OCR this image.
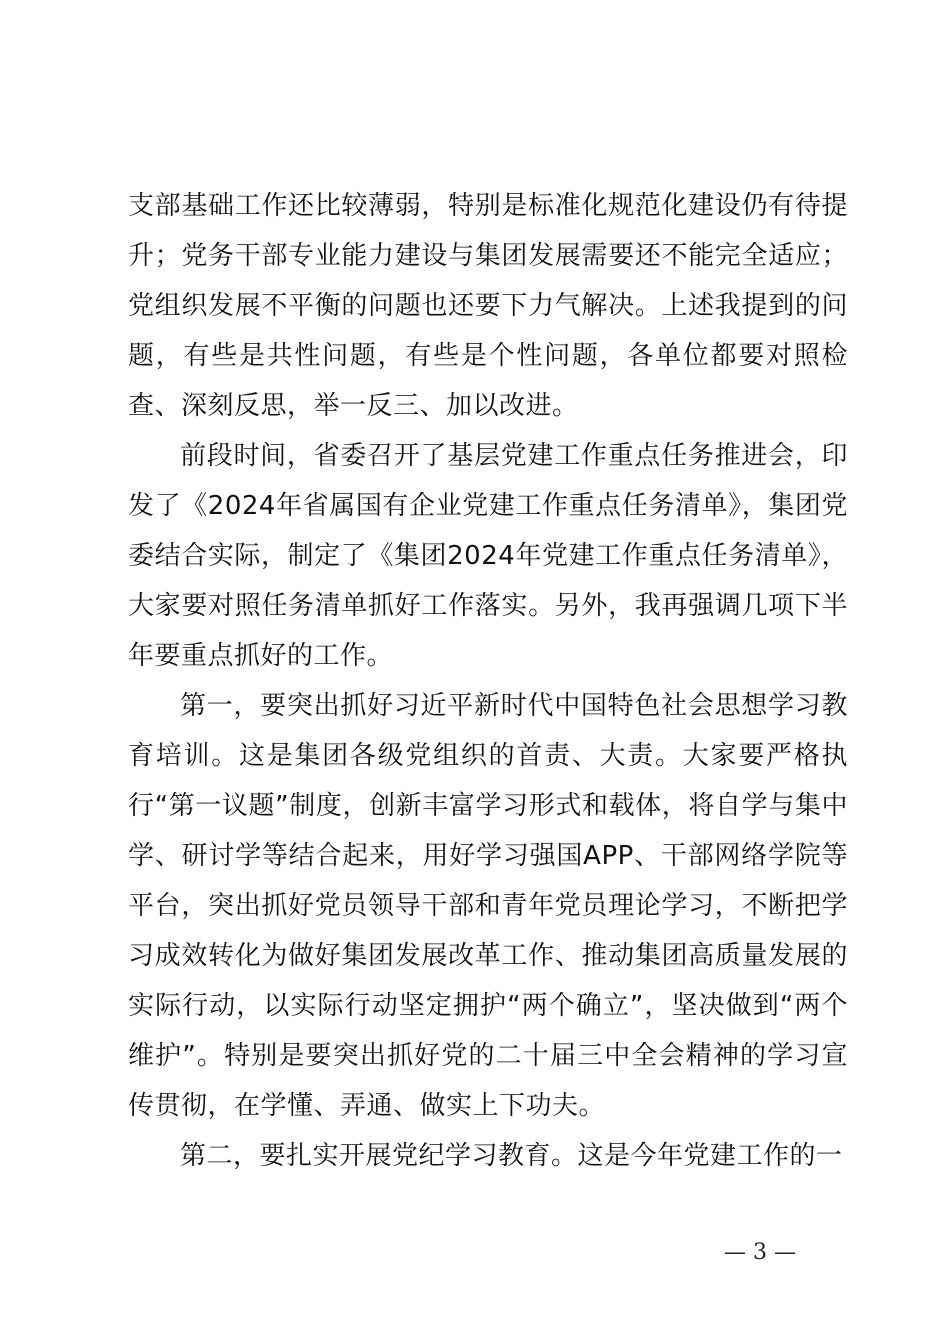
支部基础工作还比较薄弱，特别是标准化规范化建设仍有待提升；党务干部专业能力建设与集团发展需要还不能完全适应；党组织发展不平衡的问题也还要下力气解决。上述我提到的问题，有些是共性问题，有些是个性问题，各单位都要对照检查、深刻反思，举一反三、加以改进。

前段时间，省委召开了基层党建工作重点任务推进会，印发了《2024年省属国有企业党建工作重点任务清单》，集团党委结合实际，制定了《集团2024年党建工作重点任务清单》，大家要对照任务清单抓好工作落实。另外，我再强调几项下半年要重点抓好的工作。

第一，要突出抓好习近平新时代中国特色社会思想学习教育培训。这是集团各级党组织的首责、大责。大家要严格执行“第一议题”制度，创新丰富学习形式和载体，将自学与集中学、研讨学等结合起来，用好学习强国APP、干部网络学院等平台，突出抓好党员领导干部和青年党员理论学习，不断把学习成效转化为做好集团发展改革工作、推动集团高质量发展的实际行动，以实际行动坚定拥护“两个确立”，坚决做到“两个维护”。特别是要突出抓好党的二十届三中全会精神的学习宣传贯彻，在学懂、弄通、做实上下功夫。

第二，要扎实开展党纪学习教育。这是今年党建工作的一

— 3 —
